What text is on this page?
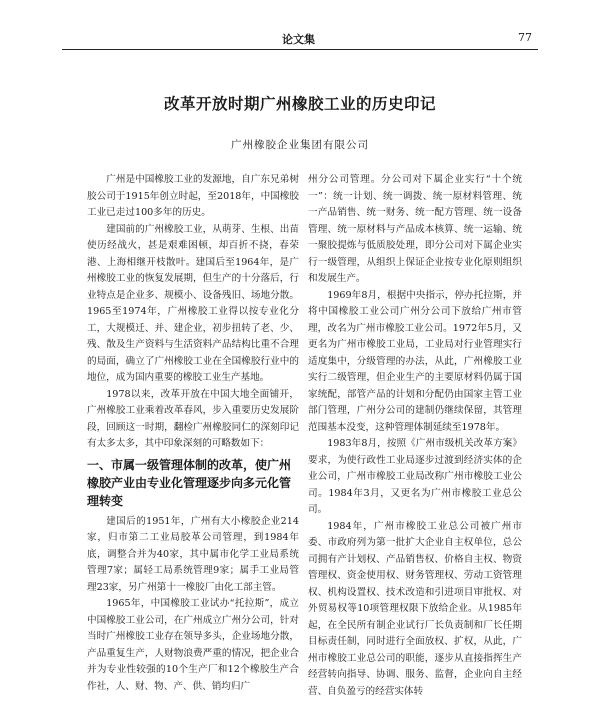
论文集	77
改革开放时期广州橡胶工业的历史印记
广州橡胶企业集团有限公司

广州是中国橡胶工业的发源地，自广东兄弟树胶公司于1915年创立时起，至2018年，中国橡胶工业已走过100多年的历史。

建国前的广州橡胶工业，从萌芽、生根、出苗使历经战火，甚是艰难困顿，却百折不挠，春荣港、上海相继开枝散叶。建国后至1964年，是广州橡胶工业的恢复发展期，但生产的十分落后，行业特点是企业多、规模小、设备残旧、场地分散。1965至1974年，广州橡胶工业得以按专业化分工，大规模迁、并、建企业，初步扭转了老、少、残、散及生产资料与生活资料产品结构比重不合理的局面，确立了广州橡胶工业在全国橡胶行业中的地位，成为国内重要的橡胶工业生产基地。

1978以来，改革开放在中国大地全面铺开，广州橡胶工业乘着改革春风，步入重要历史发展阶段，回顾这一时期，翻检广州橡胶同仁的深刻印记有太多太多，其中印象深刻的可略数如下：

一、市属一级管理体制的改革，使广州橡胶产业由专业化管理逐步向多元化管理转变

建国后的1951年，广州有大小橡胶企业214家，归市第二工业局胶革公司管理，到1984年底，调整合并为40家，其中属市化学工业局系统管理7家；属轻工局系统管理9家；属手工业局管理23家，另广州第十一橡胶厂由化工部主管。

1965年，中国橡胶工业试办“托拉斯”，成立中国橡胶工业公司，在广州成立广州分公司，针对当时广州橡胶工业存在领导多头，企业场地分散，产品重复生产，人财物浪费严重的情况，把企业合并为专业性较强的10个生产厂和12个橡胶生产合作社，人、财、物、产、供、销均归广

州分公司管理。分公司对下属企业实行“十个统一”：统一计划、统一调拨、统一原材料管理、统一产品销售、统一财务、统一配方管理、统一设备管理、统一原材料与产品成本核算、统一运输、统一聚胶提炼与低质胶处理，即分公司对下属企业实行一级管理，从组织上保证企业按专业化原则组织和发展生产。

1969年8月，根据中央指示，停办托拉斯，并将中国橡胶工业公司广州分公司下放给广州市管理，改名为广州市橡胶工业公司。1972年5月，又更名为广州市橡胶工业局，工业局对行业管理实行适度集中，分级管理的办法，从此，广州橡胶工业实行二级管理，但企业生产的主要原材料仍属于国家统配，部管产品的计划和分配仍由国家主管工业部门管理，广州分公司的建制仍继续保留，其管理范围基本没变，这种管理体制延续至1978年。

1983年8月，按照《广州市级机关改革方案》要求，为使行政性工业局逐步过渡到经济实体的企业公司，广州市橡胶工业局改称广州市橡胶工业公司。1984年3月，又更名为广州市橡胶工业总公司。

1984年，广州市橡胶工业总公司被广州市委、市政府列为第一批扩大企业自主权单位，总公司拥有产计划权、产品销售权、价格自主权、物资管理权、资金使用权、财务管理权、劳动工资管理权、机构设置权、技术改造和引进项目审批权、对外贸易权等10项管理权限下放给企业。从1985年起，在全民所有制企业试行厂长负责制和厂长任期目标责任制，同时进行全面放权、扩权，从此，广州市橡胶工业总公司的职能，逐步从直接指挥生产经营转向指导、协调、服务、监督，企业向自主经营、自负盈亏的经营实体转
